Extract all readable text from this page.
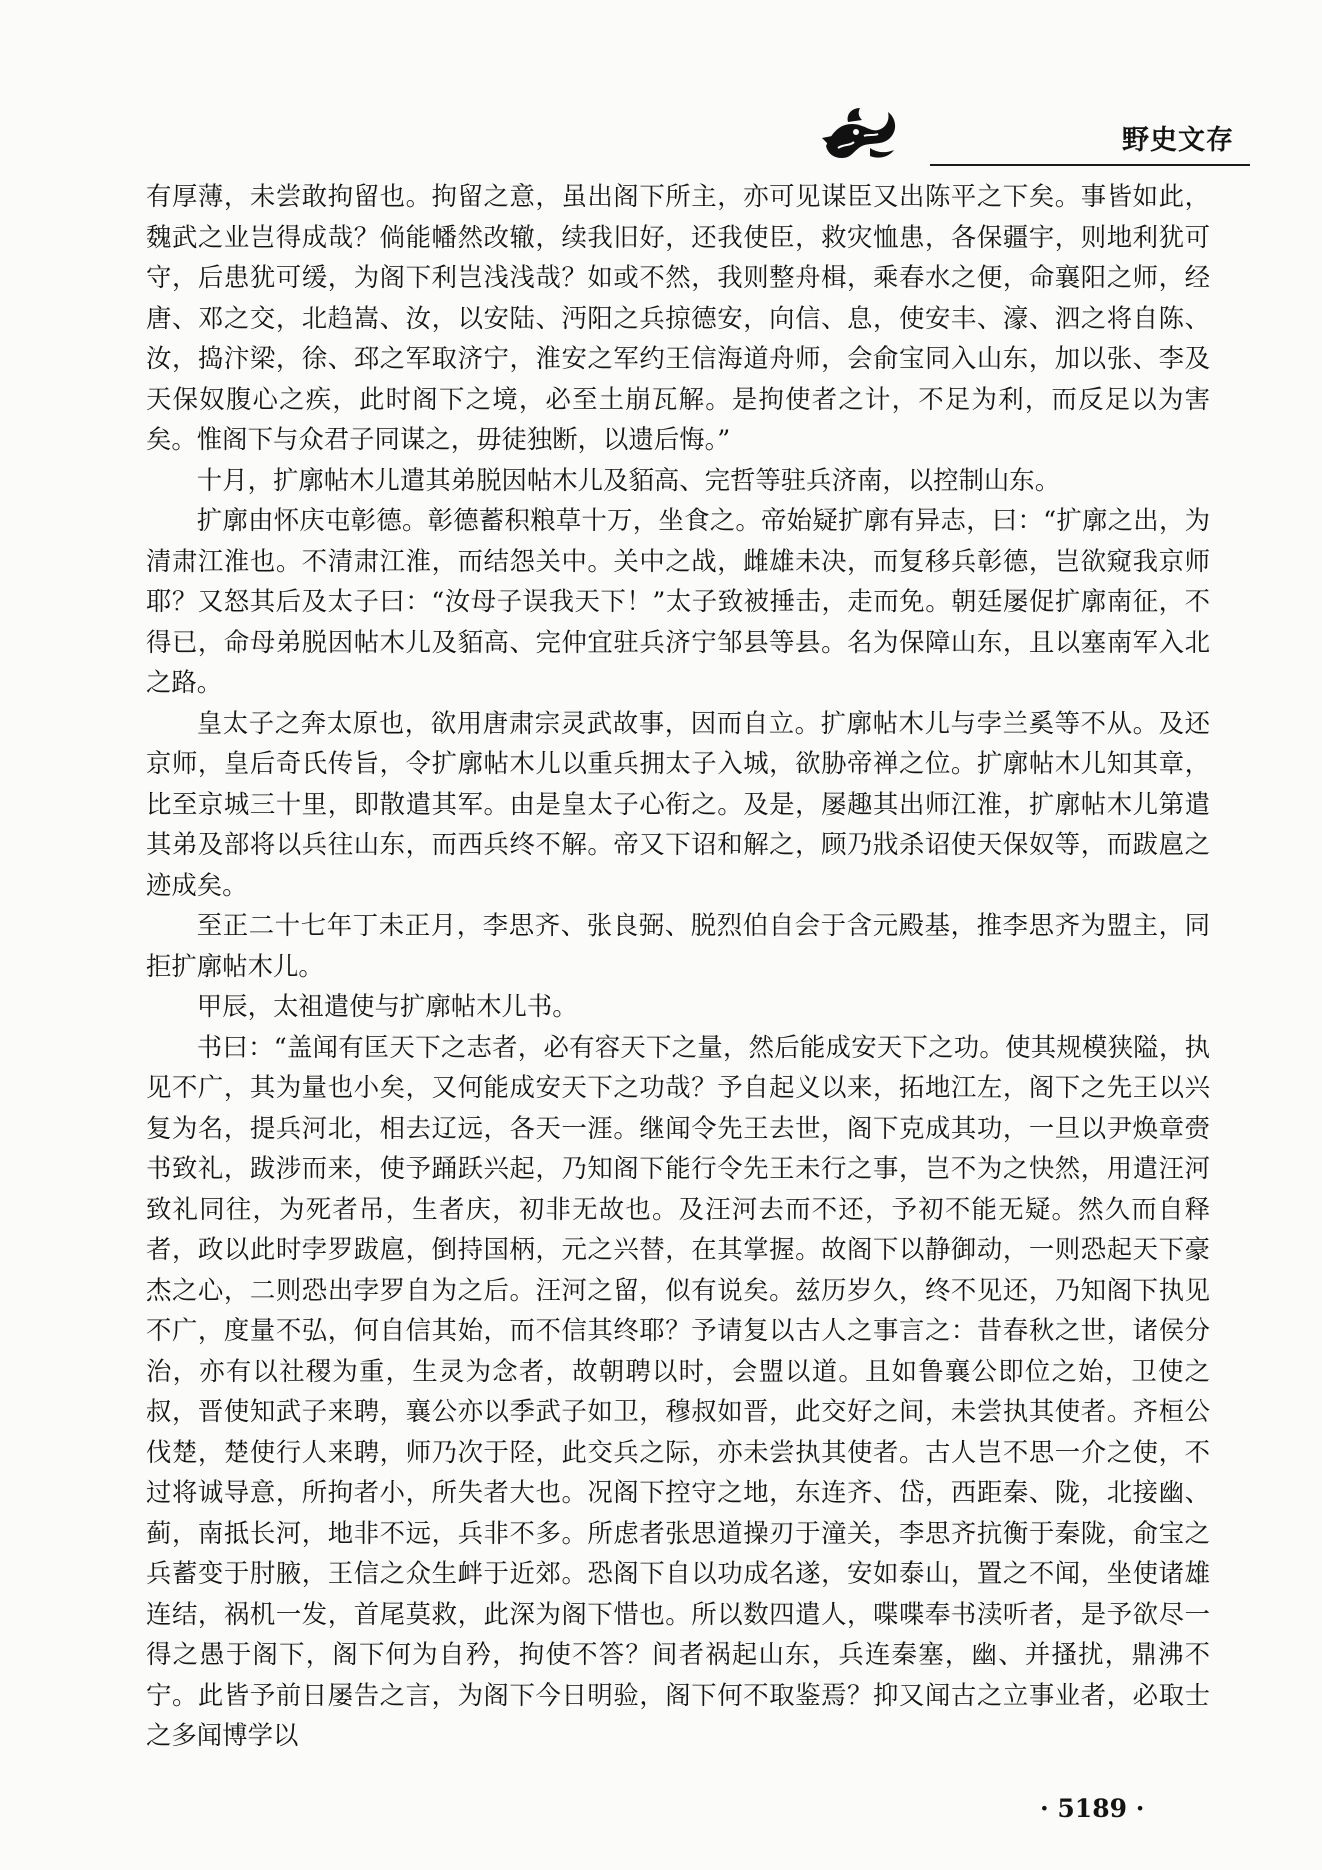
野史文存

有厚薄，未尝敢拘留也。拘留之意，虽出阁下所主，亦可见谋臣又出陈平之下矣。事皆如此，魏武之业岂得成哉？倘能幡然改辙，续我旧好，还我使臣，救灾恤患，各保疆宇，则地利犹可守，后患犹可缓，为阁下利岂浅浅哉？如或不然，我则整舟楫，乘春水之便，命襄阳之师，经唐、邓之交，北趋嵩、汝，以安陆、沔阳之兵掠德安，向信、息，使安丰、濠、泗之将自陈、汝，捣汴梁，徐、邳之军取济宁，淮安之军约王信海道舟师，会俞宝同入山东，加以张、李及天保奴腹心之疾，此时阁下之境，必至土崩瓦解。是拘使者之计，不足为利，而反足以为害矣。惟阁下与众君子同谋之，毋徒独断，以遗后悔。”

十月，扩廓帖木儿遣其弟脱因帖木儿及貊高、完哲等驻兵济南，以控制山东。

扩廓由怀庆屯彰德。彰德蓄积粮草十万，坐食之。帝始疑扩廓有异志，曰：“扩廓之出，为清肃江淮也。不清肃江淮，而结怨关中。关中之战，雌雄未决，而复移兵彰德，岂欲窥我京师耶？又怒其后及太子曰：“汝母子误我天下！”太子致被捶击，走而免。朝廷屡促扩廓南征，不得已，命母弟脱因帖木儿及貊高、完仲宜驻兵济宁邹县等县。名为保障山东，且以塞南军入北之路。

皇太子之奔太原也，欲用唐肃宗灵武故事，因而自立。扩廓帖木儿与孛兰奚等不从。及还京师，皇后奇氏传旨，令扩廓帖木儿以重兵拥太子入城，欲胁帝禅之位。扩廓帖木儿知其章，比至京城三十里，即散遣其军。由是皇太子心衔之。及是，屡趣其出师江淮，扩廓帖木儿第遣其弟及部将以兵往山东，而西兵终不解。帝又下诏和解之，顾乃戕杀诏使天保奴等，而跋扈之迹成矣。

至正二十七年丁未正月，李思齐、张良弼、脱烈伯自会于含元殿基，推李思齐为盟主，同拒扩廓帖木儿。

甲辰，太祖遣使与扩廓帖木儿书。

书曰：“盖闻有匡天下之志者，必有容天下之量，然后能成安天下之功。使其规模狭隘，执见不广，其为量也小矣，又何能成安天下之功哉？予自起义以来，拓地江左，阁下之先王以兴复为名，提兵河北，相去辽远，各天一涯。继闻令先王去世，阁下克成其功，一旦以尹焕章赍书致礼，跋涉而来，使予踊跃兴起，乃知阁下能行令先王未行之事，岂不为之快然，用遣汪河致礼同往，为死者吊，生者庆，初非无故也。及汪河去而不还，予初不能无疑。然久而自释者，政以此时孛罗跋扈，倒持国柄，元之兴替，在其掌握。故阁下以静御动，一则恐起天下豪杰之心，二则恐出孛罗自为之后。汪河之留，似有说矣。兹历岁久，终不见还，乃知阁下执见不广，度量不弘，何自信其始，而不信其终耶？予请复以古人之事言之：昔春秋之世，诸侯分治，亦有以社稷为重，生灵为念者，故朝聘以时，会盟以道。且如鲁襄公即位之始，卫使之叔，晋使知武子来聘，襄公亦以季武子如卫，穆叔如晋，此交好之间，未尝执其使者。齐桓公伐楚，楚使行人来聘，师乃次于陉，此交兵之际，亦未尝执其使者。古人岂不思一介之使，不过将诚导意，所拘者小，所失者大也。况阁下控守之地，东连齐、岱，西距秦、陇，北接幽、蓟，南抵长河，地非不远，兵非不多。所虑者张思道操刃于潼关，李思齐抗衡于秦陇，俞宝之兵蓄变于肘腋，王信之众生衅于近郊。恐阁下自以功成名遂，安如泰山，置之不闻，坐使诸雄连结，祸机一发，首尾莫救，此深为阁下惜也。所以数四遣人，喋喋奉书渎听者，是予欲尽一得之愚于阁下，阁下何为自矜，拘使不答？间者祸起山东，兵连秦塞，幽、并搔扰，鼎沸不宁。此皆予前日屡告之言，为阁下今日明验，阁下何不取鉴焉？抑又闻古之立事业者，必取士之多闻博学以

· 5189 ·
